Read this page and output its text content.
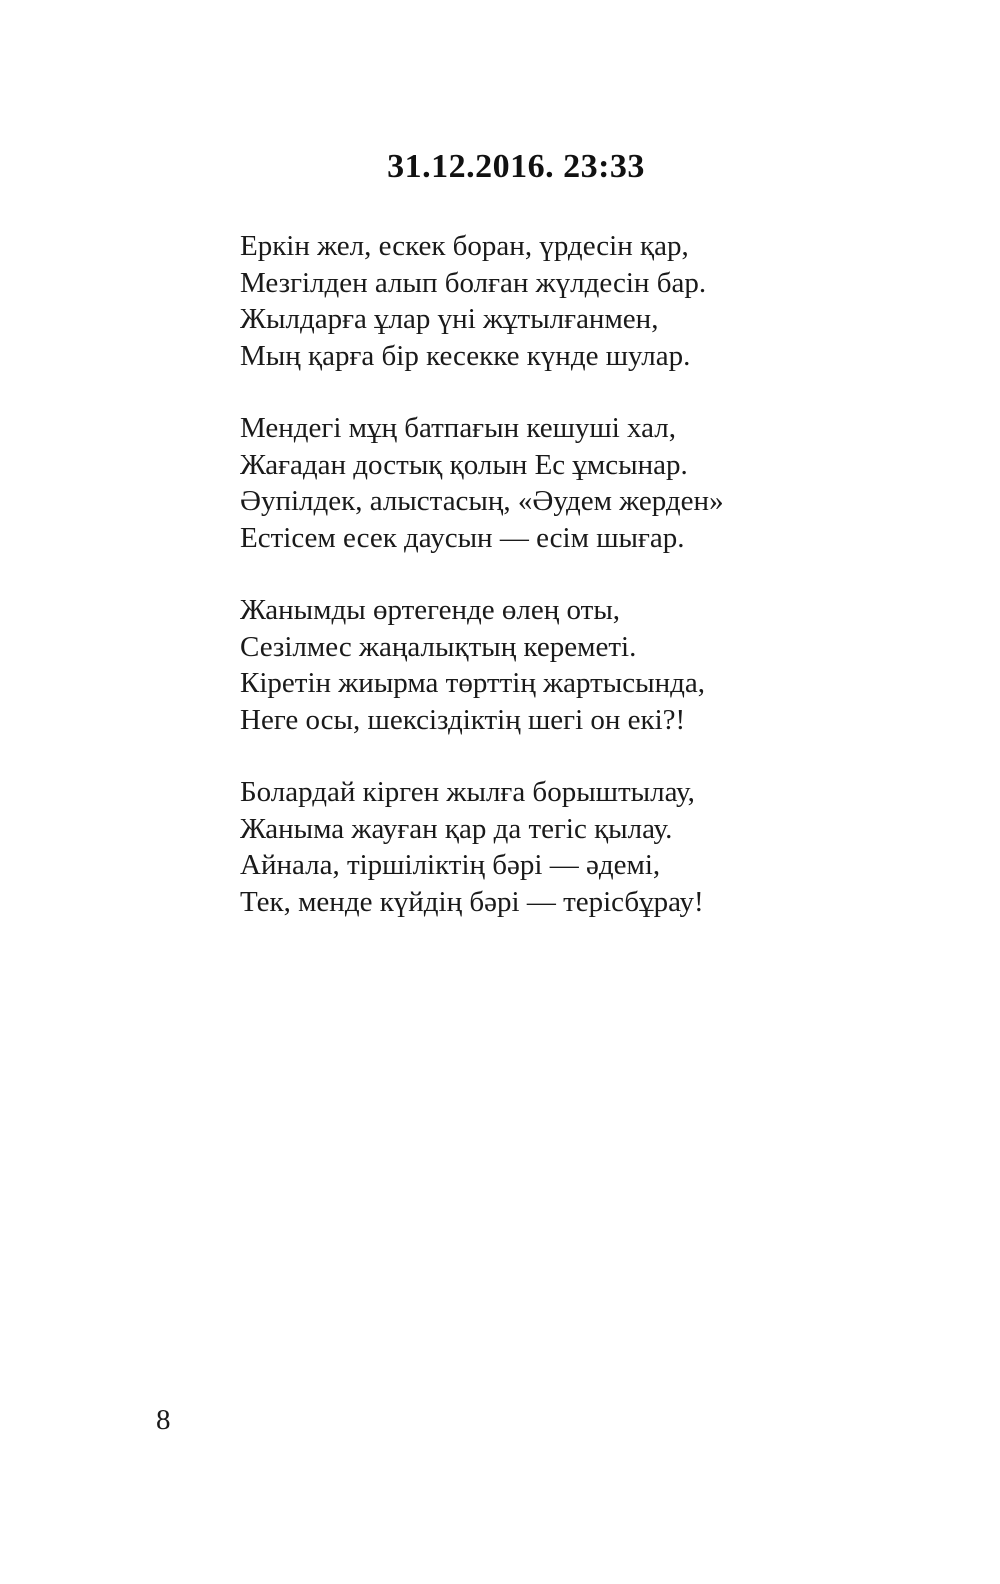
31.12.2016. 23:33
Еркін жел, ескек боран, үрдесін қар,
Мезгілден алып болған жүлдесін бар.
Жылдарға ұлар үні жұтылғанмен,
Мың қарға бір кесекке күнде шулар.
Мендегі мұң батпағын кешуші хал,
Жағадан достық қолын Ес ұмсынар.
Әупілдек, алыстасың, «Әудем жерден»
Естісем есек даусын — есім шығар.
Жанымды өртегенде өлең оты,
Сезілмес жаңалықтың кереметі.
Кіретін жиырма төрттің жартысында,
Неге осы, шексіздіктің шегі он екі?!
Болардай кірген жылға борыштылау,
Жаныма жауған қар да тегіс қылау.
Айнала, тіршіліктің бәрі — әдемі,
Тек, менде күйдің бәрі — терісбұрау!
8
